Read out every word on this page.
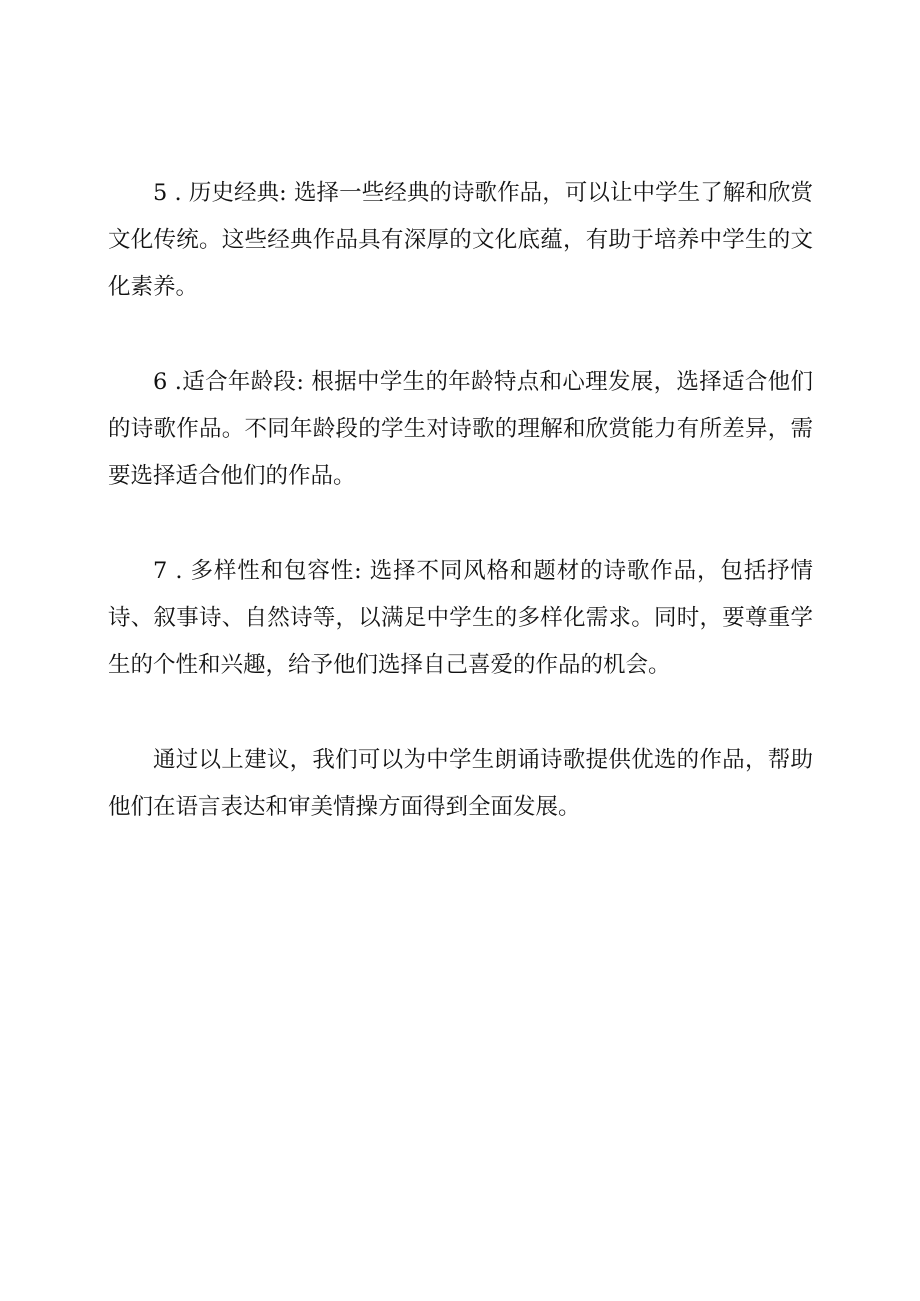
5 . 历史经典: 选择一些经典的诗歌作品，可以让中学生了解和欣赏文化传统。这些经典作品具有深厚的文化底蕴，有助于培养中学生的文化素养。

6 .适合年龄段: 根据中学生的年龄特点和心理发展，选择适合他们的诗歌作品。不同年龄段的学生对诗歌的理解和欣赏能力有所差异，需要选择适合他们的作品。

7 . 多样性和包容性: 选择不同风格和题材的诗歌作品，包括抒情诗、叙事诗、自然诗等，以满足中学生的多样化需求。同时，要尊重学生的个性和兴趣，给予他们选择自己喜爱的作品的机会。

通过以上建议，我们可以为中学生朗诵诗歌提供优选的作品，帮助他们在语言表达和审美情操方面得到全面发展。
